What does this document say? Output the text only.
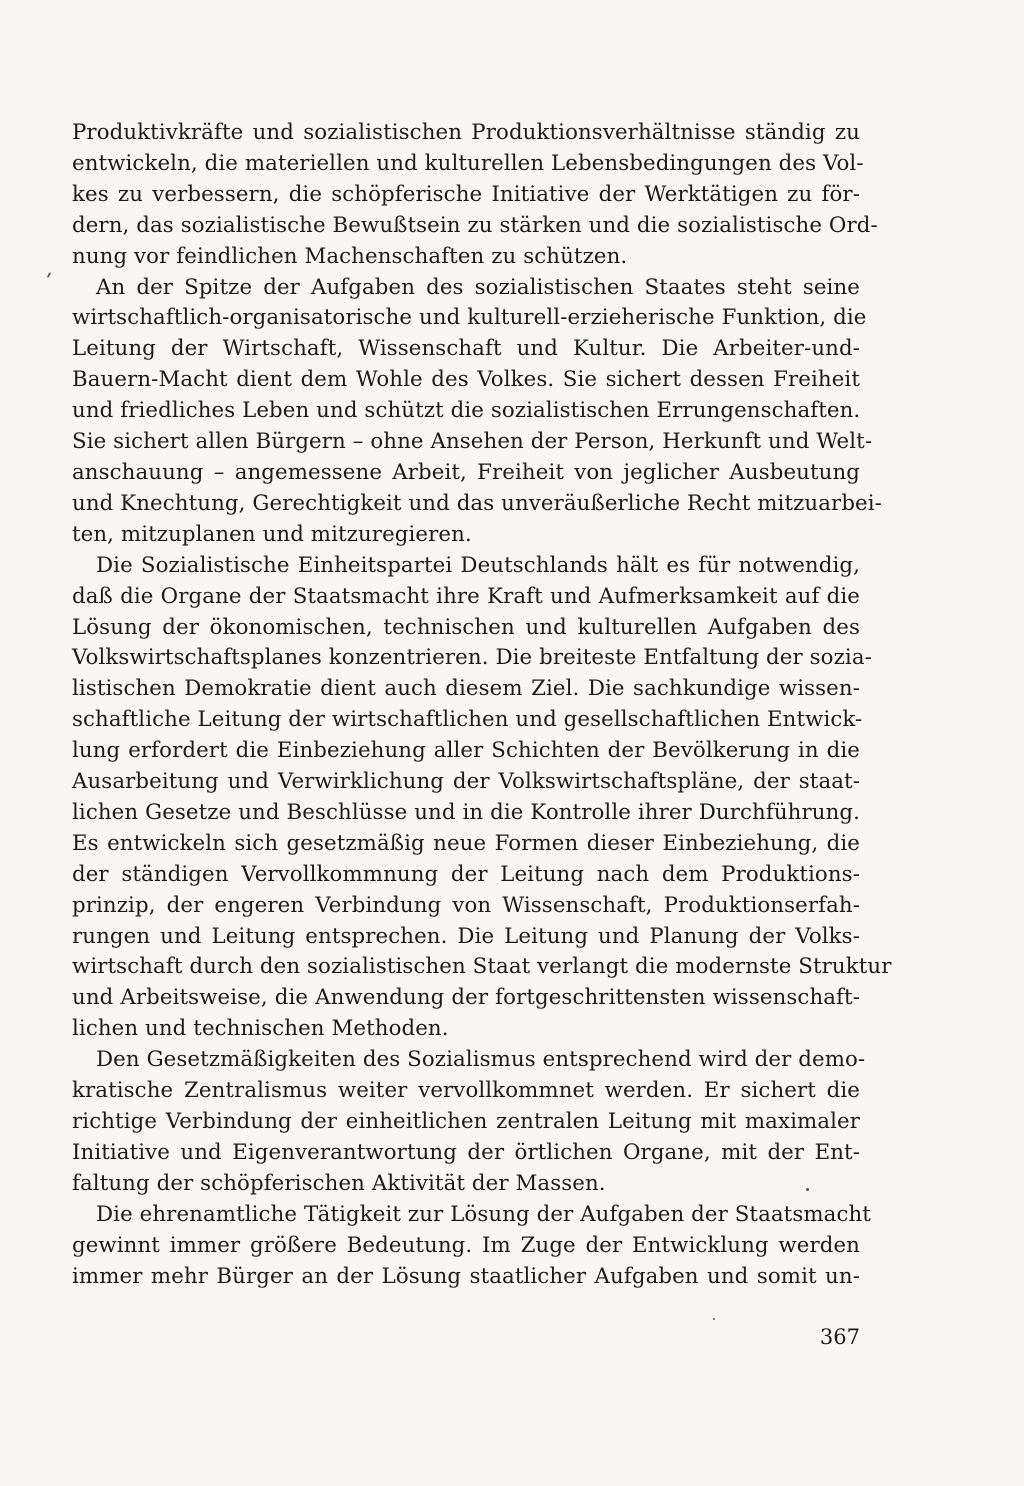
Produktivkräfte und sozialistischen Produktionsverhältnisse ständig zu
entwickeln, die materiellen und kulturellen Lebensbedingungen des Vol-
kes zu verbessern, die schöpferische Initiative der Werktätigen zu för-
dern, das sozialistische Bewußtsein zu stärken und die sozialistische Ord-
nung vor feindlichen Machenschaften zu schützen.
An der Spitze der Aufgaben des sozialistischen Staates steht seine
wirtschaftlich-organisatorische und kulturell-erzieherische Funktion, die
Leitung der Wirtschaft, Wissenschaft und Kultur. Die Arbeiter-und-
Bauern-Macht dient dem Wohle des Volkes. Sie sichert dessen Freiheit
und friedliches Leben und schützt die sozialistischen Errungenschaften.
Sie sichert allen Bürgern – ohne Ansehen der Person, Herkunft und Welt-
anschauung – angemessene Arbeit, Freiheit von jeglicher Ausbeutung
und Knechtung, Gerechtigkeit und das unveräußerliche Recht mitzuarbei-
ten, mitzuplanen und mitzuregieren.
Die Sozialistische Einheitspartei Deutschlands hält es für notwendig,
daß die Organe der Staatsmacht ihre Kraft und Aufmerksamkeit auf die
Lösung der ökonomischen, technischen und kulturellen Aufgaben des
Volkswirtschaftsplanes konzentrieren. Die breiteste Entfaltung der sozia-
listischen Demokratie dient auch diesem Ziel. Die sachkundige wissen-
schaftliche Leitung der wirtschaftlichen und gesellschaftlichen Entwick-
lung erfordert die Einbeziehung aller Schichten der Bevölkerung in die
Ausarbeitung und Verwirklichung der Volkswirtschaftspläne, der staat-
lichen Gesetze und Beschlüsse und in die Kontrolle ihrer Durchführung.
Es entwickeln sich gesetzmäßig neue Formen dieser Einbeziehung, die
der ständigen Vervollkommnung der Leitung nach dem Produktions-
prinzip, der engeren Verbindung von Wissenschaft, Produktionserfah-
rungen und Leitung entsprechen. Die Leitung und Planung der Volks-
wirtschaft durch den sozialistischen Staat verlangt die modernste Struktur
und Arbeitsweise, die Anwendung der fortgeschrittensten wissenschaft-
lichen und technischen Methoden.
Den Gesetzmäßigkeiten des Sozialismus entsprechend wird der demo-
kratische Zentralismus weiter vervollkommnet werden. Er sichert die
richtige Verbindung der einheitlichen zentralen Leitung mit maximaler
Initiative und Eigenverantwortung der örtlichen Organe, mit der Ent-
faltung der schöpferischen Aktivität der Massen.
Die ehrenamtliche Tätigkeit zur Lösung der Aufgaben der Staatsmacht
gewinnt immer größere Bedeutung. Im Zuge der Entwicklung werden
immer mehr Bürger an der Lösung staatlicher Aufgaben und somit un-
367
